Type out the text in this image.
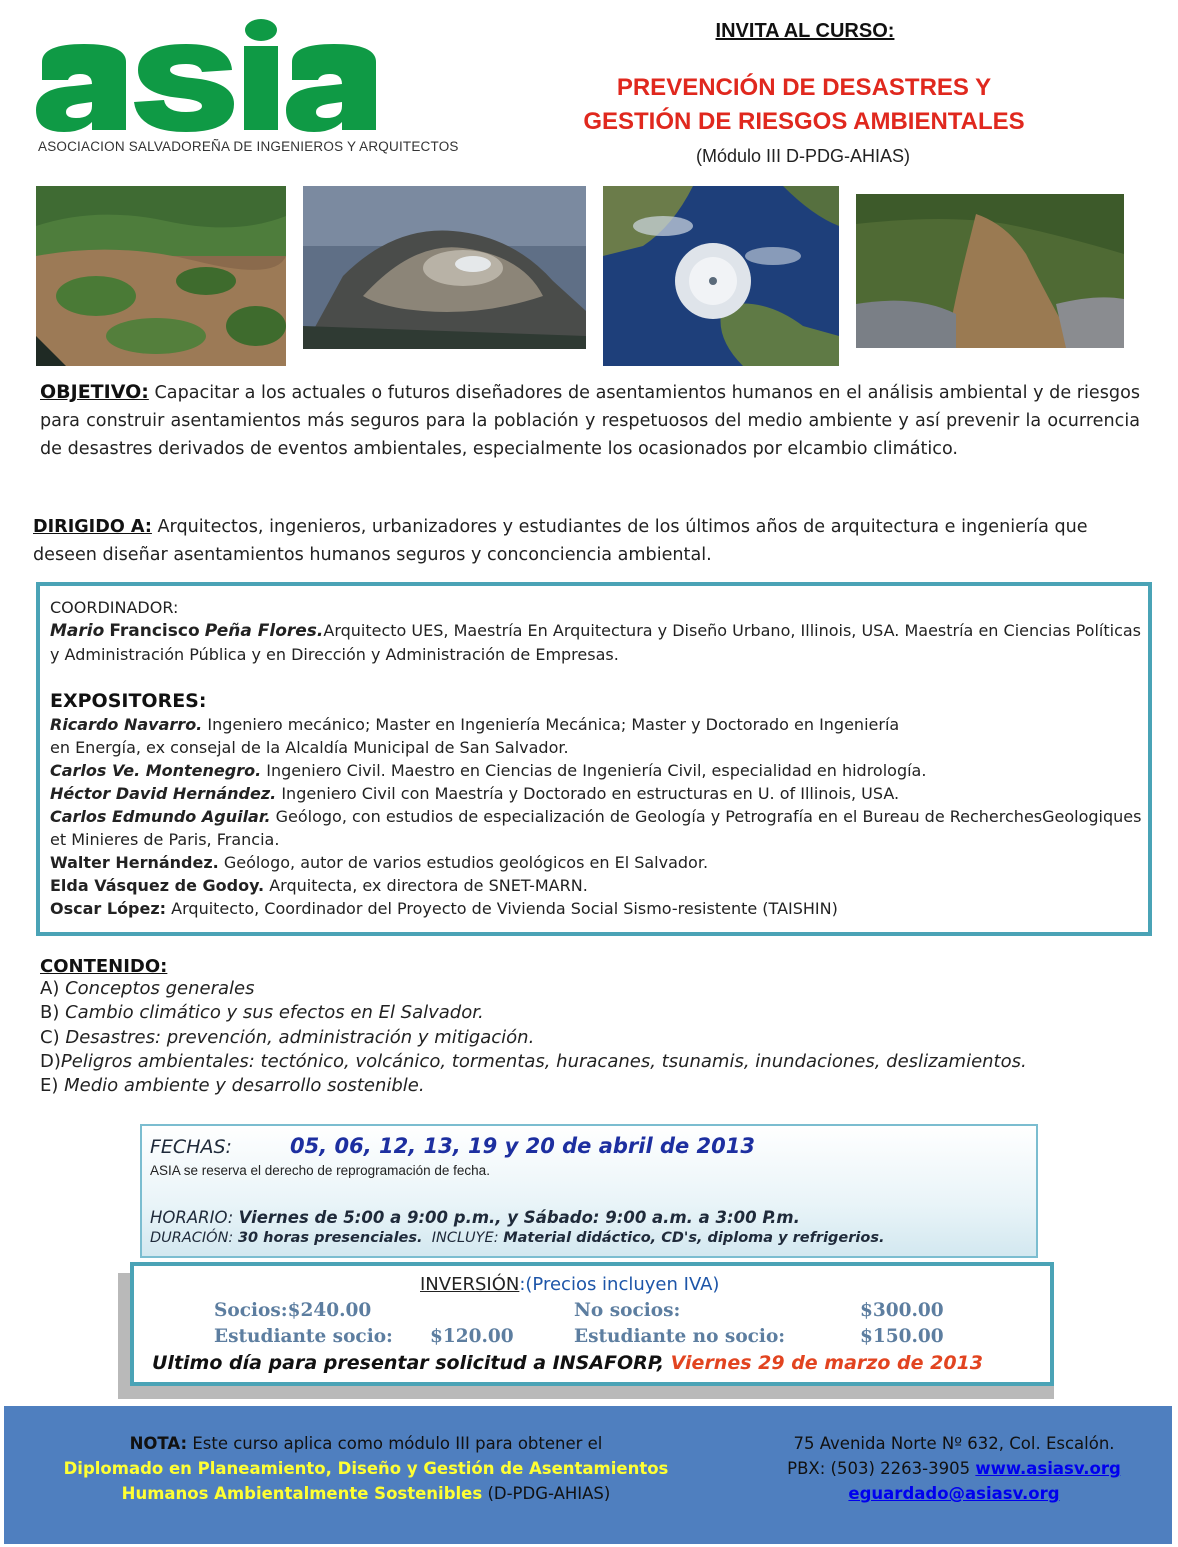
ASOCIACION SALVADOREÑA DE INGENIEROS Y ARQUITECTOS
INVITA AL CURSO:
PREVENCIÓN DE DESASTRES Y
GESTIÓN DE RIESGOS AMBIENTALES
(Módulo III D-PDG-AHIAS)
OBJETIVO: Capacitar a los actuales o futuros diseñadores de asentamientos humanos en el análisis ambiental y de riesgos para construir asentamientos más seguros para la población y respetuosos del medio ambiente y así prevenir la ocurrencia de desastres derivados de eventos ambientales, especialmente los ocasionados por elcambio climático.
DIRIGIDO A: Arquitectos, ingenieros, urbanizadores y estudiantes de los últimos años de arquitectura e ingeniería que deseen diseñar asentamientos humanos seguros y conconciencia ambiental.
COORDINADOR:
Mario Francisco Peña Flores.Arquitecto UES, Maestría En Arquitectura y Diseño Urbano, Illinois, USA. Maestría en Ciencias Políticas y Administración Pública y en Dirección y Administración de Empresas.
EXPOSITORES:
Ricardo Navarro. Ingeniero mecánico; Master en Ingeniería Mecánica; Master y Doctorado en Ingeniería
en Energía, ex consejal de la Alcaldía Municipal de San Salvador.
Carlos Ve. Montenegro. Ingeniero Civil. Maestro en Ciencias de Ingeniería Civil, especialidad en hidrología.
Héctor David Hernández. Ingeniero Civil con Maestría y Doctorado en estructuras en U. of Illinois, USA.
Carlos Edmundo Aguilar. Geólogo, con estudios de especialización de Geología y Petrografía en el Bureau de RecherchesGeologiques et Minieres de Paris, Francia.
Walter Hernández. Geólogo, autor de varios estudios geológicos en El Salvador.
Elda Vásquez de Godoy. Arquitecta, ex directora de SNET-MARN.
Oscar López: Arquitecto, Coordinador del Proyecto de Vivienda Social Sismo-resistente (TAISHIN)
CONTENIDO:
A) Conceptos generales
B) Cambio climático y sus efectos en El Salvador.
C) Desastres: prevención, administración y mitigación.
D)Peligros ambientales: tectónico, volcánico, tormentas, huracanes, tsunamis, inundaciones, deslizamientos.
E) Medio ambiente y desarrollo sostenible.
FECHAS:	05, 06, 12, 13, 19 y 20 de abril de 2013
ASIA se reserva el derecho de reprogramación de fecha.
HORARIO: Viernes de 5:00 a 9:00 p.m., y Sábado: 9:00 a.m. a 3:00 P.m.
DURACIÓN: 30 horas presenciales. INCLUYE: Material didáctico, CD's, diploma y refrigerios.
INVERSIÓN:(Precios incluyen IVA)
Socios:$240.00	No socios:	$300.00
Estudiante socio: $120.00	Estudiante no socio:	$150.00
Ultimo día para presentar solicitud a INSAFORP, Viernes 29 de marzo de 2013
NOTA: Este curso aplica como módulo III para obtener el
Diplomado en Planeamiento, Diseño y Gestión de Asentamientos
Humanos Ambientalmente Sostenibles (D-PDG-AHIAS)
75 Avenida Norte Nº 632, Col. Escalón.
PBX: (503) 2263-3905 www.asiasv.org
eguardado@asiasv.org
